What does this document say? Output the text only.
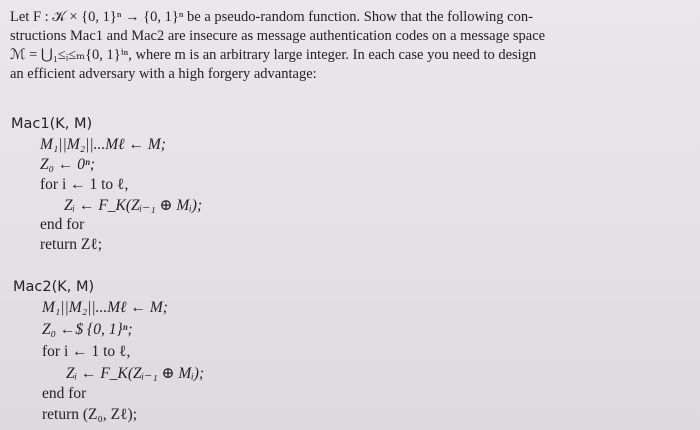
Let F : 𝒦 × {0, 1}ⁿ → {0, 1}ⁿ be a pseudo-random function. Show that the following con-
structions Mac1 and Mac2 are insecure as message authentication codes on a message space
ℳ = ⋃₁≤ᵢ≤ₘ{0, 1}ⁱⁿ, where m is an arbitrary large integer. In each case you need to design
an efficient adversary with a high forgery advantage:
Mac1(K, M)
M₁||M₂||...Mℓ ← M;
Z₀ ← 0ⁿ;
for i ← 1 to ℓ,
Zᵢ ← F_K(Zᵢ₋₁ ⊕ Mᵢ);
end for
return Zℓ;
Mac2(K, M)
M₁||M₂||...Mℓ ← M;
Z₀ ←$ {0, 1}ⁿ;
for i ← 1 to ℓ,
Zᵢ ← F_K(Zᵢ₋₁ ⊕ Mᵢ);
end for
return (Z₀, Zℓ);
